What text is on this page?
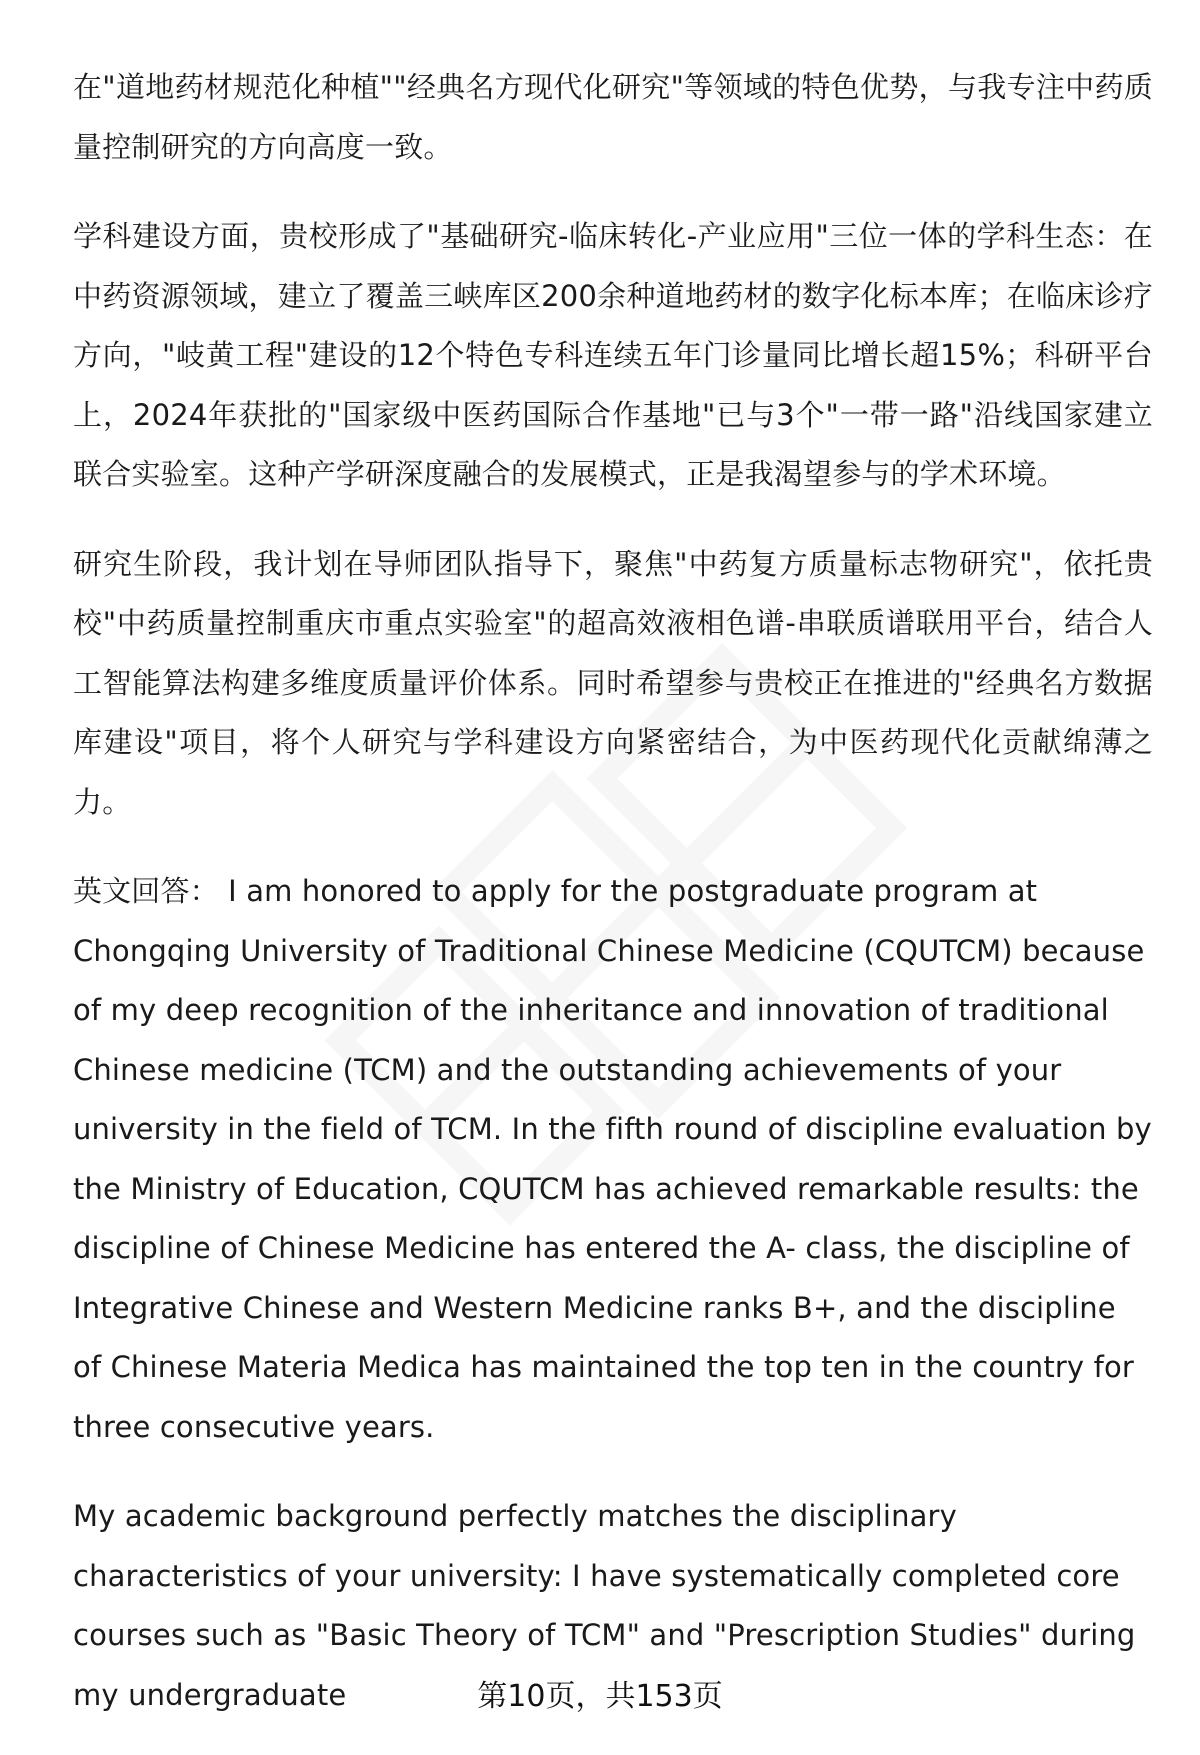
在"道地药材规范化种植""经典名方现代化研究"等领域的特色优势，与我专注中药质量控制研究的方向高度一致。

学科建设方面，贵校形成了"基础研究-临床转化-产业应用"三位一体的学科生态：在中药资源领域，建立了覆盖三峡库区200余种道地药材的数字化标本库；在临床诊疗方向，"岐黄工程"建设的12个特色专科连续五年门诊量同比增长超15%；科研平台上，2024年获批的"国家级中医药国际合作基地"已与3个"一带一路"沿线国家建立联合实验室。这种产学研深度融合的发展模式，正是我渴望参与的学术环境。

研究生阶段，我计划在导师团队指导下，聚焦"中药复方质量标志物研究"，依托贵校"中药质量控制重庆市重点实验室"的超高效液相色谱-串联质谱联用平台，结合人工智能算法构建多维度质量评价体系。同时希望参与贵校正在推进的"经典名方数据库建设"项目，将个人研究与学科建设方向紧密结合，为中医药现代化贡献绵薄之力。

英文回答： I am honored to apply for the postgraduate program at Chongqing University of Traditional Chinese Medicine (CQUTCM) because of my deep recognition of the inheritance and innovation of traditional Chinese medicine (TCM) and the outstanding achievements of your university in the field of TCM. In the fifth round of discipline evaluation by the Ministry of Education, CQUTCM has achieved remarkable results: the discipline of Chinese Medicine has entered the A- class, the discipline of Integrative Chinese and Western Medicine ranks B+, and the discipline of Chinese Materia Medica has maintained the top ten in the country for three consecutive years.

My academic background perfectly matches the disciplinary characteristics of your university: I have systematically completed core courses such as "Basic Theory of TCM" and "Prescription Studies" during my undergraduate	第10页，共153页
